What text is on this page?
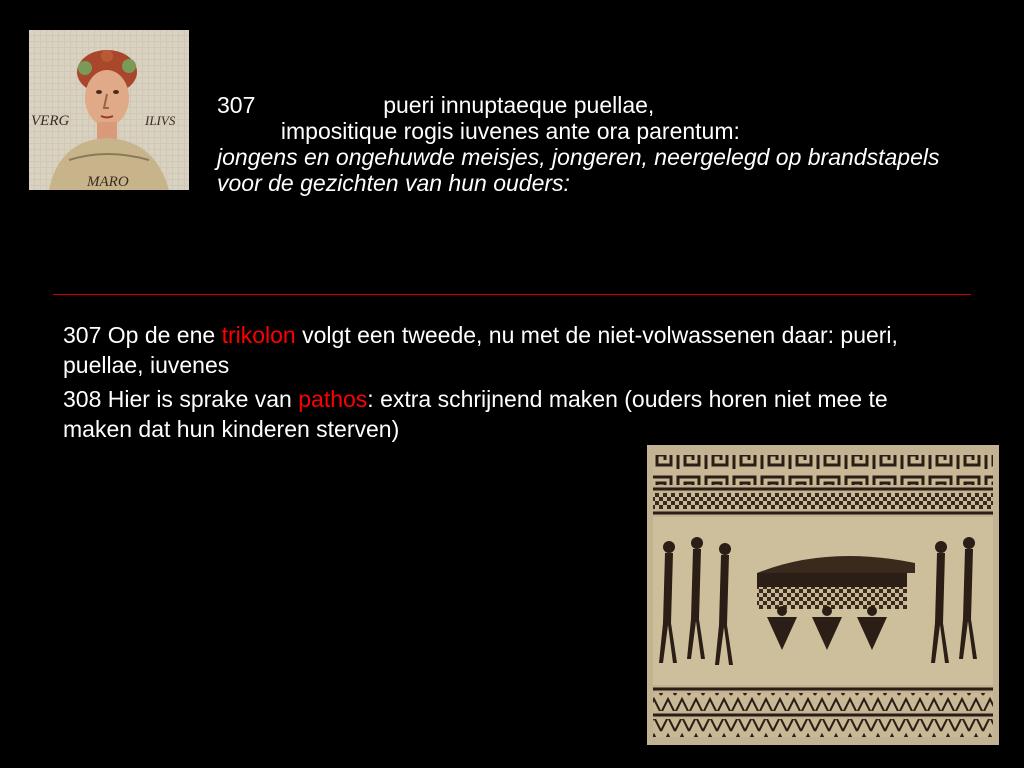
VERG	ILIVS
MARO

307	pueri innuptaeque puellae,

impositique rogis iuvenes ante ora parentum:

jongens en ongehuwde meisjes, jongeren, neergelegd op brandstapels voor de gezichten van hun ouders:

307 Op de ene trikolon volgt een tweede, nu met de niet-volwassenen daar: pueri, puellae, iuvenes

308 Hier is sprake van pathos: extra schrijnend maken (ouders horen niet mee te maken dat hun kinderen sterven)
